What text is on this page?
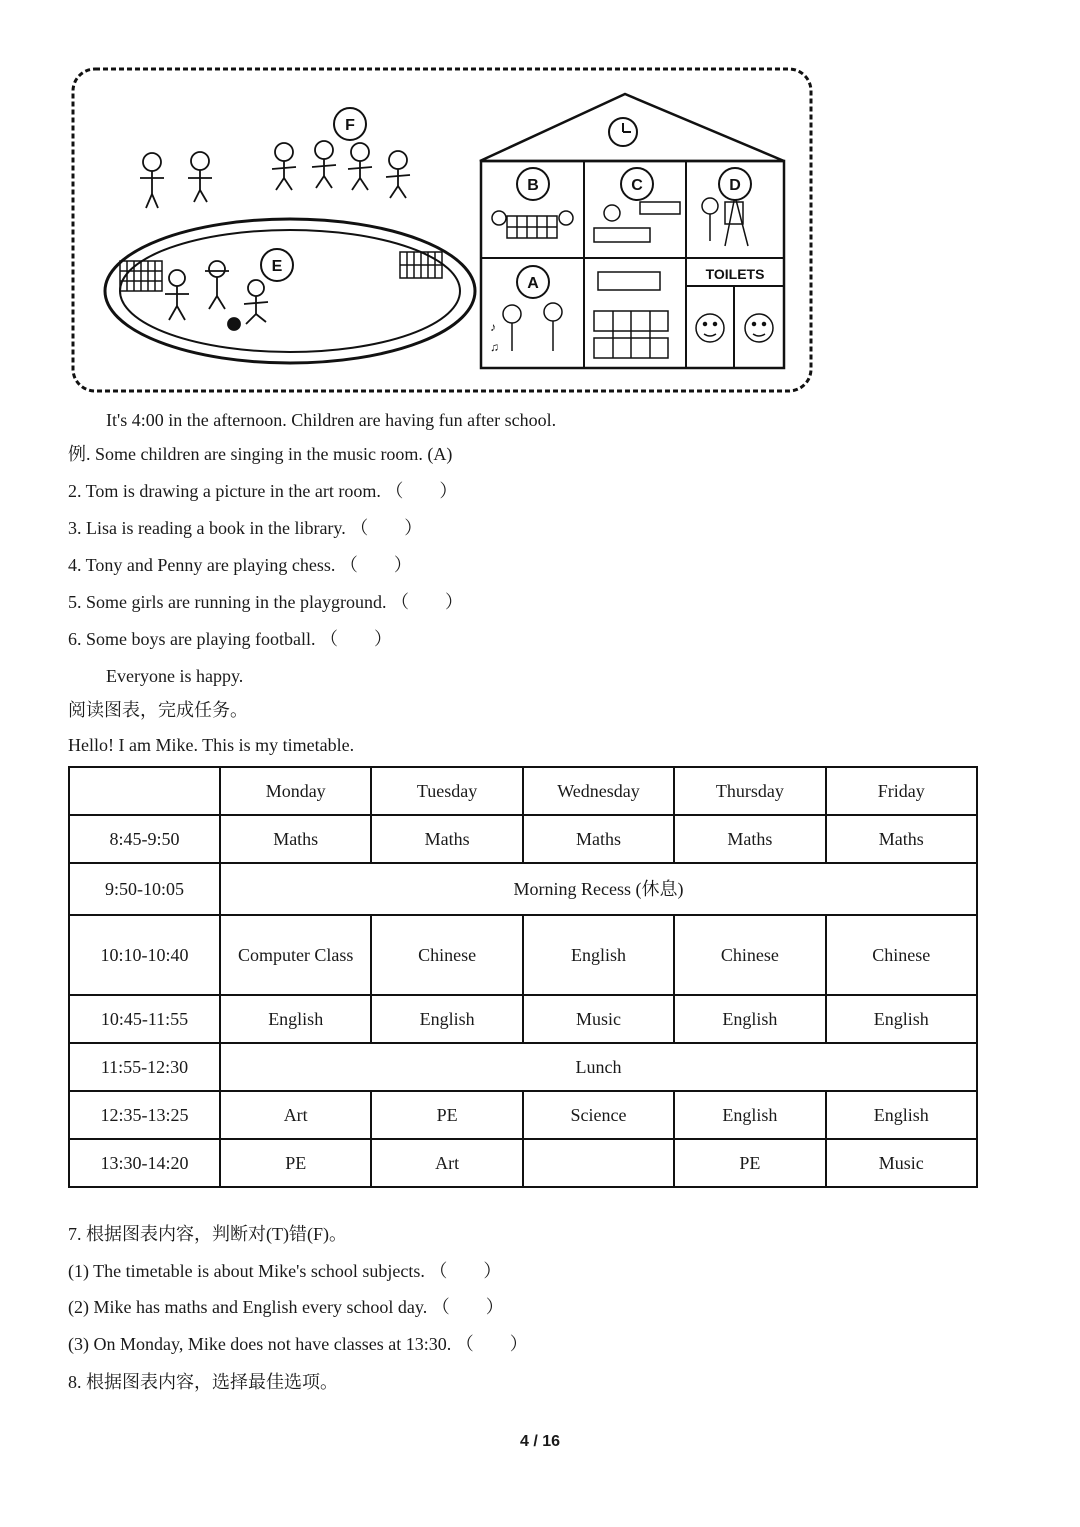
♪
♫
TOILETS
F
B	C	D
A
E
It's 4:00 in the afternoon. Children are having fun after school.
例. Some children are singing in the music room. (A)
2. Tom is drawing a picture in the art room. （　　）
3. Lisa is reading a book in the library. （　　）
4. Tony and Penny are playing chess. （　　）
5. Some girls are running in the playground. （　　）
6. Some boys are playing football. （　　）
Everyone is happy.
阅读图表，完成任务。
Hello! I am Mike. This is my timetable.
	Monday	Tuesday	Wednesday	Thursday	Friday
8:45-9:50	Maths	Maths	Maths	Maths	Maths
9:50-10:05	Morning Recess (休息)				
10:10-10:40	Computer Class	Chinese	English	Chinese	Chinese
10:45-11:55	English	English	Music	English	English
11:55-12:30	Lunch				
12:35-13:25	Art	PE	Science	English	English
13:30-14:20	PE	Art		PE	Music
7. 根据图表内容，判断对(T)错(F)。
(1) The timetable is about Mike's school subjects. （　　）
(2) Mike has maths and English every school day. （　　）
(3) On Monday, Mike does not have classes at 13:30. （　　）
8. 根据图表内容，选择最佳选项。
4 / 16
